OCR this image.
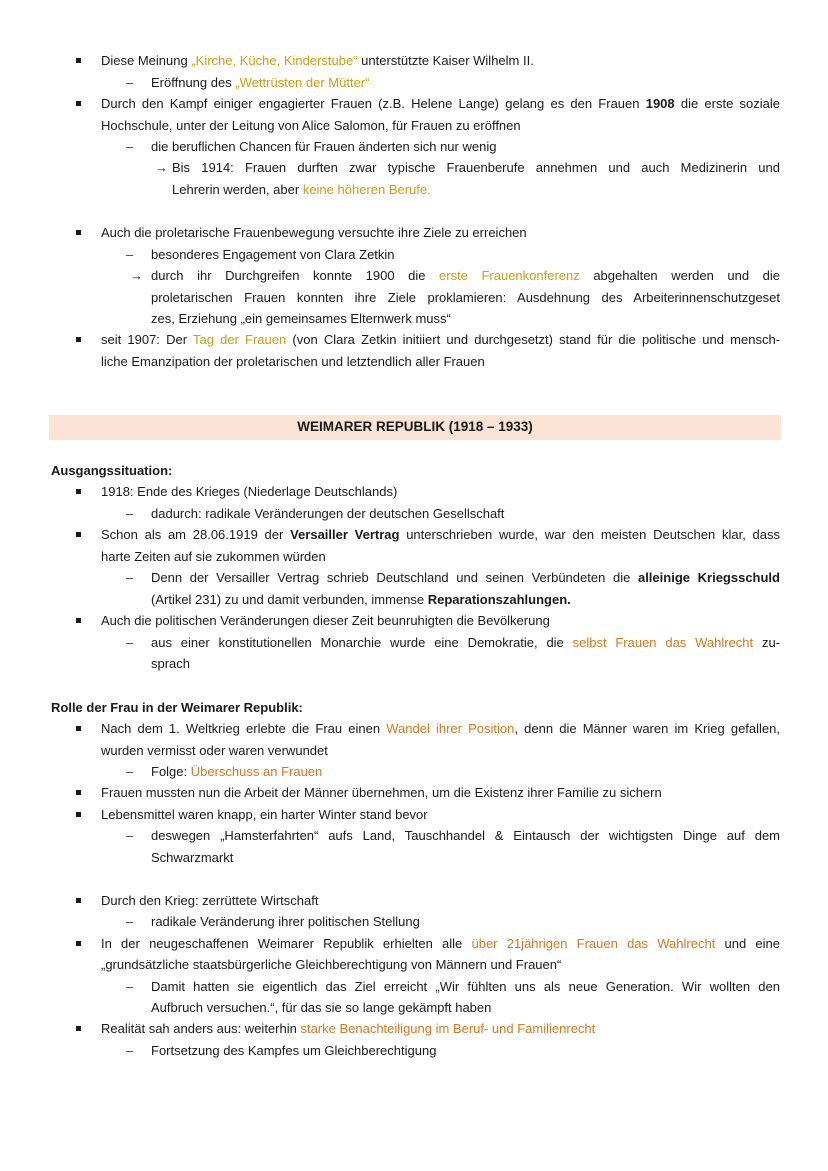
Diese Meinung „Kirche, Küche, Kinderstube“ unterstützte Kaiser Wilhelm II.
Eröffnung des „Wettrüsten der Mütter“
Durch den Kampf einiger engagierter Frauen (z.B. Helene Lange) gelang es den Frauen 1908 die erste soziale
Hochschule, unter der Leitung von Alice Salomon, für Frauen zu eröffnen
die beruflichen Chancen für Frauen änderten sich nur wenig
→ Bis 1914: Frauen durften zwar typische Frauenberufe annehmen und auch Medizinerin und
Lehrerin werden, aber keine höheren Berufe.
Auch die proletarische Frauenbewegung versuchte ihre Ziele zu erreichen
besonderes Engagement von Clara Zetkin
→ durch ihr Durchgreifen konnte 1900 die erste Frauenkonferenz abgehalten werden und die
proletarischen Frauen konnten ihre Ziele proklamieren: Ausdehnung des Arbeiterinnenschutzgeset
zes, Erziehung „ein gemeinsames Elternwerk muss“
seit 1907: Der Tag der Frauen (von Clara Zetkin initiiert und durchgesetzt) stand für die politische und mensch-
liche Emanzipation der proletarischen und letztendlich aller Frauen
WEIMARER REPUBLIK (1918 – 1933)
Ausgangssituation:
1918: Ende des Krieges (Niederlage Deutschlands)
dadurch: radikale Veränderungen der deutschen Gesellschaft
Schon als am 28.06.1919 der Versailler Vertrag unterschrieben wurde, war den meisten Deutschen klar, dass
harte Zeiten auf sie zukommen würden
Denn der Versailler Vertrag schrieb Deutschland und seinen Verbündeten die alleinige Kriegsschuld
(Artikel 231) zu und damit verbunden, immense Reparationszahlungen.
Auch die politischen Veränderungen dieser Zeit beunruhigten die Bevölkerung
aus einer konstitutionellen Monarchie wurde eine Demokratie, die selbst Frauen das Wahlrecht zu-
sprach
Rolle der Frau in der Weimarer Republik:
Nach dem 1. Weltkrieg erlebte die Frau einen Wandel ihrer Position, denn die Männer waren im Krieg gefallen,
wurden vermisst oder waren verwundet
Folge: Überschuss an Frauen
Frauen mussten nun die Arbeit der Männer übernehmen, um die Existenz ihrer Familie zu sichern
Lebensmittel waren knapp, ein harter Winter stand bevor
deswegen „Hamsterfahrten“ aufs Land, Tauschhandel & Eintausch der wichtigsten Dinge auf dem
Schwarzmarkt
Durch den Krieg: zerrüttete Wirtschaft
radikale Veränderung ihrer politischen Stellung
In der neugeschaffenen Weimarer Republik erhielten alle über 21jährigen Frauen das Wahlrecht und eine
„grundsätzliche staatsbürgerliche Gleichberechtigung von Männern und Frauen“
Damit hatten sie eigentlich das Ziel erreicht „Wir fühlten uns als neue Generation. Wir wollten den
Aufbruch versuchen.“, für das sie so lange gekämpft haben
Realität sah anders aus: weiterhin starke Benachteiligung im Beruf- und Familienrecht
Fortsetzung des Kampfes um Gleichberechtigung
